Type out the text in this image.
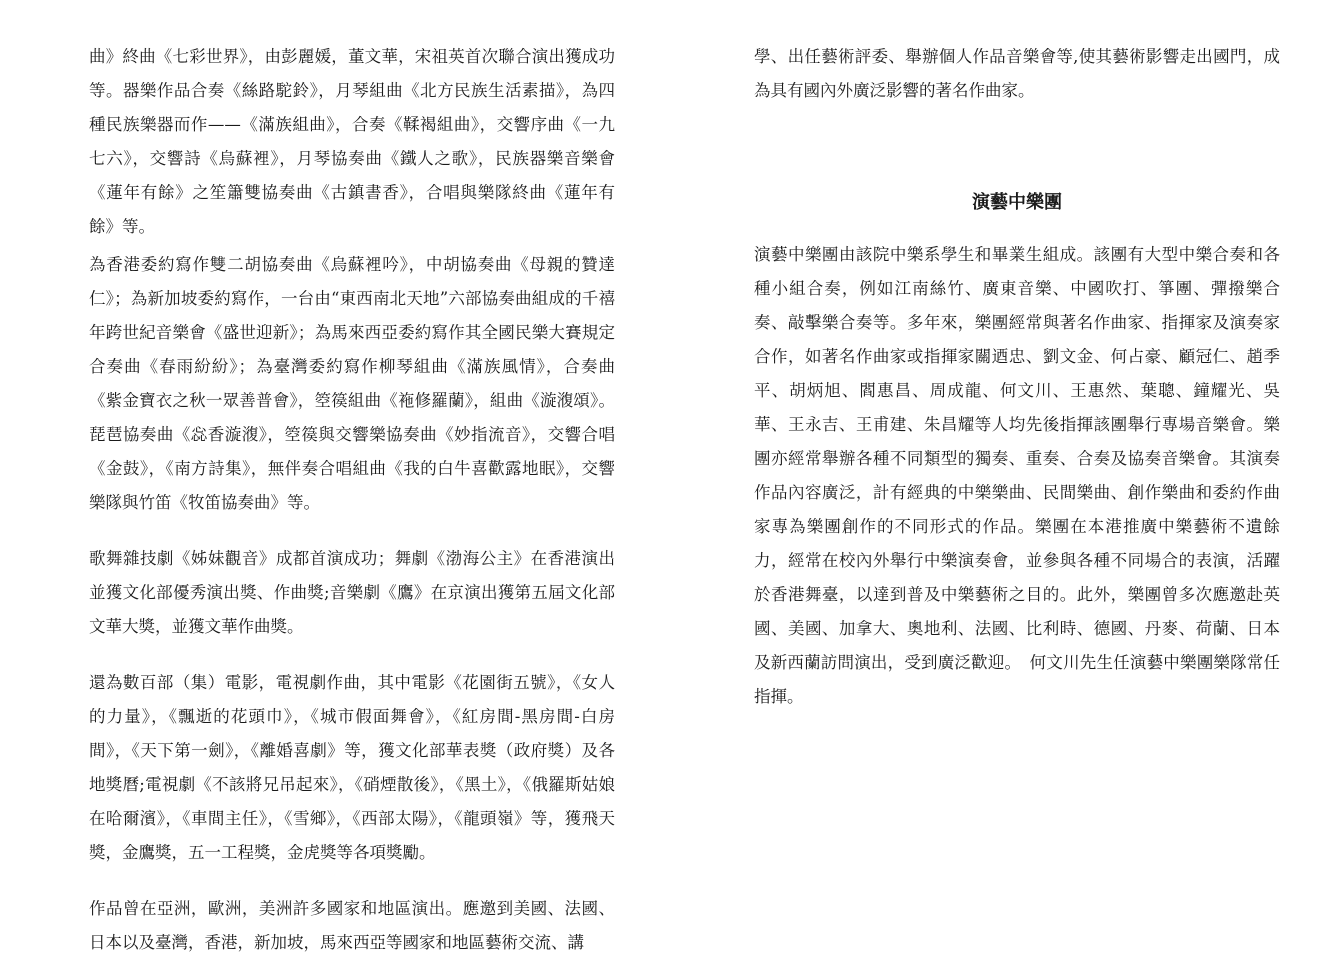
曲》終曲《七彩世界》，由彭麗媛，董文華，宋祖英首次聯合演出獲成功等。器樂作品合奏《絲路駝鈴》，月琴組曲《北方民族生活素描》，為四種民族樂器而作——《滿族組曲》，合奏《鞣褐組曲》，交響序曲《一九七六》，交響詩《烏蘇裡》，月琴協奏曲《鐵人之歌》，民族器樂音樂會《蓮年有餘》之笙簫雙協奏曲《古鎮書香》，合唱與樂隊終曲《蓮年有餘》等。

為香港委約寫作雙二胡協奏曲《烏蘇裡吟》，中胡協奏曲《母親的贊達仁》；為新加坡委約寫作，一台由“東西南北天地”六部協奏曲組成的千禧年跨世紀音樂會《盛世迎新》；為馬來西亞委約寫作其全國民樂大賽規定合奏曲《春雨紛紛》；為臺灣委約寫作柳琴組曲《滿族風情》，合奏曲《紫金寶衣之秋一眾善普會》，箜篌組曲《袘修羅蘭》，組曲《漩澓頌》。琵琶協奏曲《惢香漩澓》，箜篌與交響樂協奏曲《妙指流音》，交響合唱《金鼓》，《南方詩集》，無伴奏合唱組曲《我的白牛喜歡露地眠》，交響樂隊與竹笛《牧笛協奏曲》等。

歌舞雜技劇《姊妹觀音》成都首演成功；舞劇《渤海公主》在香港演出並獲文化部優秀演出獎、作曲獎;音樂劇《鷹》在京演出獲第五屆文化部文華大獎，並獲文華作曲獎。

還為數百部（集）電影，電視劇作曲，其中電影《花園街五號》，《女人的力量》，《飄逝的花頭巾》，《城市假面舞會》，《紅房間-黑房間-白房間》，《天下第一劍》，《離婚喜劇》等，獲文化部華表獎（政府獎）及各地獎曆;電視劇《不該將兄吊起來》，《硝煙散後》，《黑土》，《俄羅斯姑娘在哈爾濱》，《車間主任》，《雪鄉》，《西部太陽》，《龍頭嶺》等，獲飛天獎，金鷹獎，五一工程獎，金虎獎等各項獎勵。

作品曾在亞洲，歐洲，美洲許多國家和地區演出。應邀到美國、法國、日本以及臺灣，香港，新加坡，馬來西亞等國家和地區藝術交流、講

學、出任藝術評委、舉辦個人作品音樂會等,使其藝術影響走出國門，成為具有國內外廣泛影響的著名作曲家。

演藝中樂團

演藝中樂團由該院中樂系學生和畢業生組成。該團有大型中樂合奏和各種小組合奏，例如江南絲竹、廣東音樂、中國吹打、箏團、彈撥樂合奏、敲擊樂合奏等。多年來，樂團經常與著名作曲家、指揮家及演奏家合作，如著名作曲家或指揮家關迺忠、劉文金、何占豪、顧冠仁、趙季平、胡炳旭、閻惠昌、周成龍、何文川、王惠然、葉聰、鐘耀光、吳華、王永吉、王甫建、朱昌耀等人均先後指揮該團舉行專場音樂會。樂團亦經常舉辦各種不同類型的獨奏、重奏、合奏及協奏音樂會。其演奏作品內容廣泛，計有經典的中樂樂曲、民間樂曲、創作樂曲和委約作曲家專為樂團創作的不同形式的作品。樂團在本港推廣中樂藝術不遺餘力，經常在校內外舉行中樂演奏會，並參與各種不同場合的表演，活躍於香港舞臺，以達到普及中樂藝術之目的。此外，樂團曾多次應邀赴英國、美國、加拿大、奧地利、法國、比利時、德國、丹麥、荷蘭、日本及新西蘭訪問演出，受到廣泛歡迎。　何文川先生任演藝中樂團樂隊常任指揮。
